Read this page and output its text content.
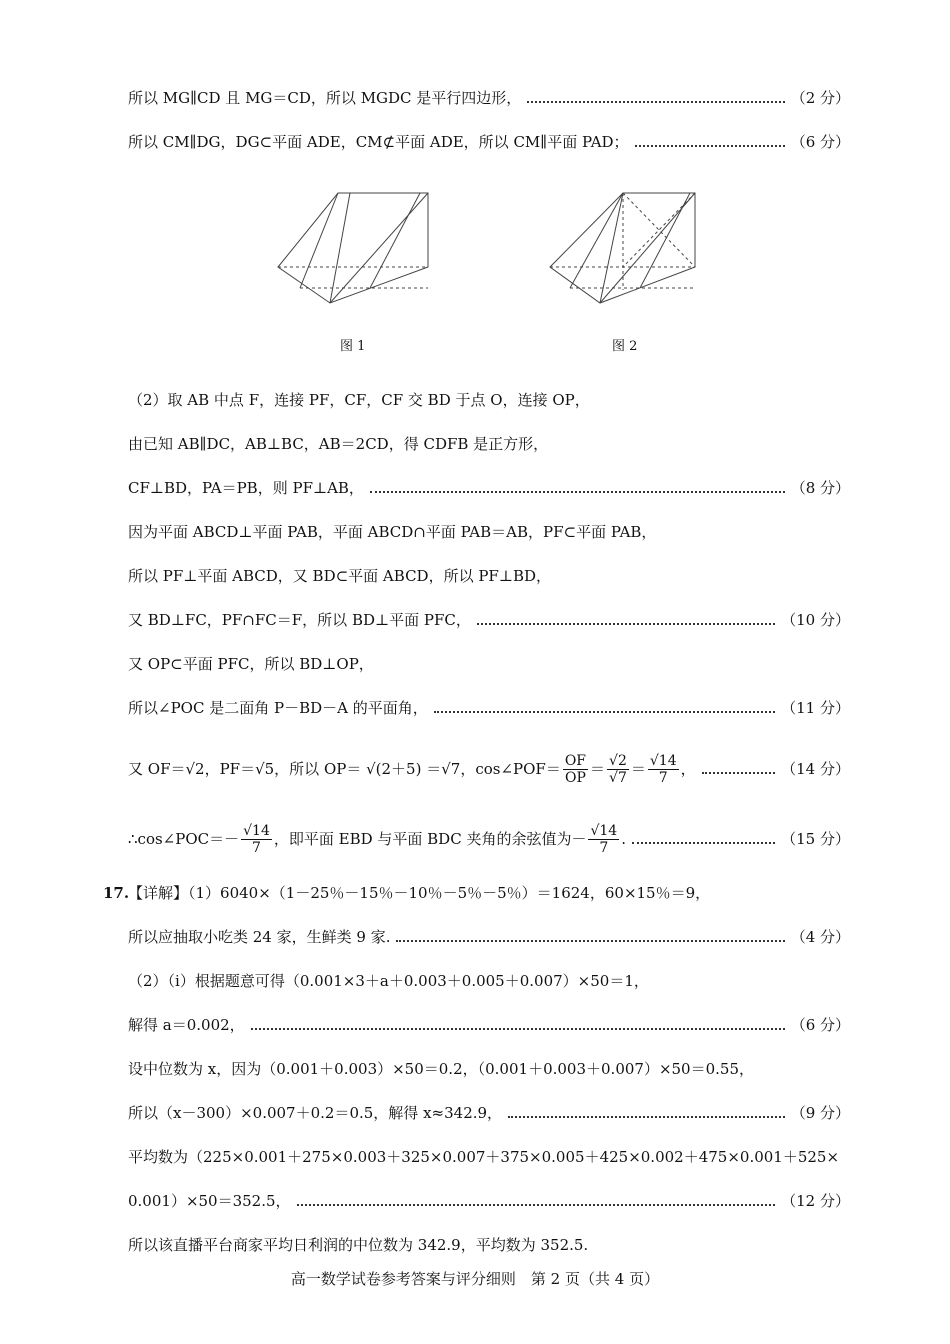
所以 MG∥CD 且 MG＝CD，所以 MGDC 是平行四边形，	（2 分）
所以 CM∥DG，DG⊂平面 ADE，CM⊄平面 ADE，所以 CM∥平面 PAD；	（6 分）
图 1	图 2
（2）取 AB 中点 F，连接 PF，CF，CF 交 BD 于点 O，连接 OP，
由已知 AB∥DC，AB⊥BC，AB＝2CD，得 CDFB 是正方形，
CF⊥BD，PA＝PB，则 PF⊥AB，	（8 分）
因为平面 ABCD⊥平面 PAB，平面 ABCD∩平面 PAB＝AB，PF⊂平面 PAB，
所以 PF⊥平面 ABCD，又 BD⊂平面 ABCD，所以 PF⊥BD，
又 BD⊥FC，PF∩FC＝F，所以 BD⊥平面 PFC，	（10 分）
又 OP⊂平面 PFC，所以 BD⊥OP，
所以∠POC 是二面角 P－BD－A 的平面角，	（11 分）
又 OF＝√2，PF＝√5，所以 OP＝ √(2＋5) ＝√7，cos∠POF＝ $\frac{OF}{OP} = \frac{√2}{√7} = \frac{√14}{7}$ ，	（14 分）
∴cos∠POC＝－ $\frac{√14}{7}$ ，即平面 EBD 与平面 BDC 夹角的余弦值为－ $\frac{√14}{7}$ .	（15 分）
17.
【详解】（1）6040×（1－25％－15％－10％－5％－5％）＝1624，60×15％＝9，
所以应抽取小吃类 24 家，生鲜类 9 家.	（4 分）
（2）（i）根据题意可得（0.001×3＋a＋0.003＋0.005＋0.007）×50＝1，
解得 a＝0.002，	（6 分）
设中位数为 x，因为（0.001＋0.003）×50＝0.2，（0.001＋0.003＋0.007）×50＝0.55，
所以（x－300）×0.007＋0.2＝0.5，解得 x≈342.9，	（9 分）
平均数为（225×0.001＋275×0.003＋325×0.007＋375×0.005＋425×0.002＋475×0.001＋525×
0.001）×50＝352.5，	（12 分）
所以该直播平台商家平均日利润的中位数为 342.9，平均数为 352.5.
高一数学试卷参考答案与评分细则　第 2 页（共 4 页）
